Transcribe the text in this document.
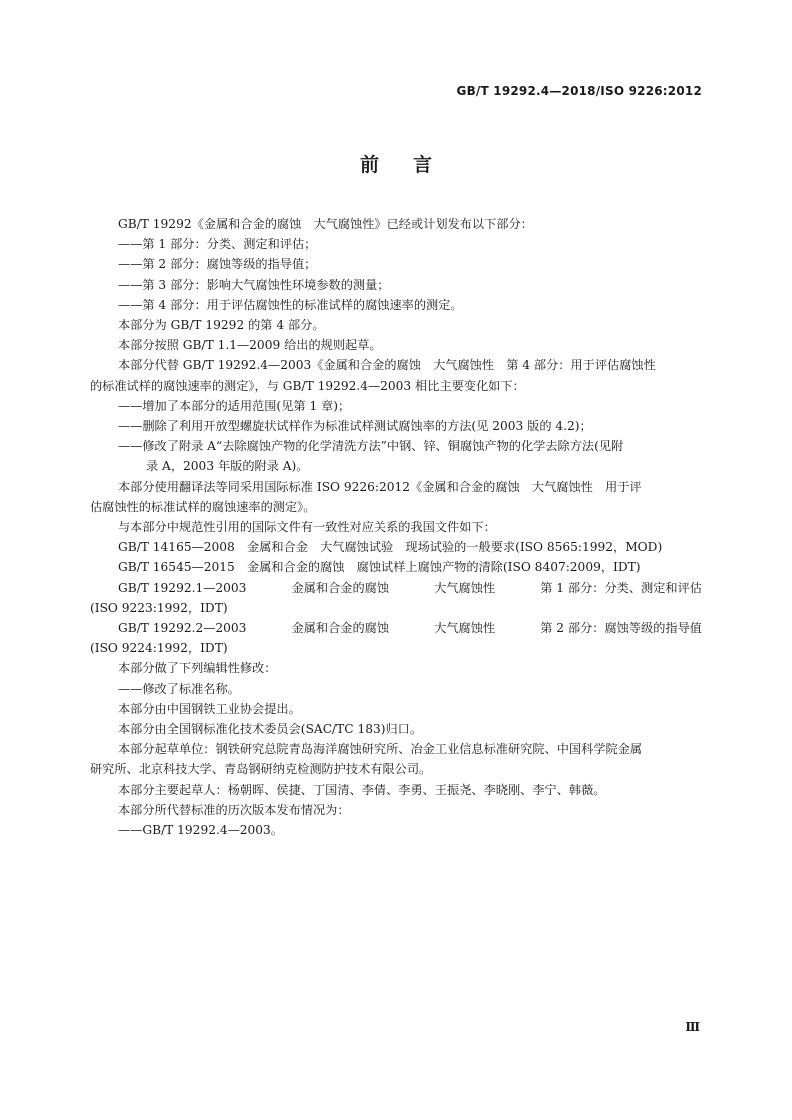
GB/T 19292.4—2018/ISO 9226:2012
前言

GB/T 19292《金属和合金的腐蚀　大气腐蚀性》已经或计划发布以下部分：

——第 1 部分：分类、测定和评估；

——第 2 部分：腐蚀等级的指导值；

——第 3 部分：影响大气腐蚀性环境参数的测量；

——第 4 部分：用于评估腐蚀性的标准试样的腐蚀速率的测定。

本部分为 GB/T 19292 的第 4 部分。

本部分按照 GB/T 1.1—2009 给出的规则起草。

本部分代替 GB/T 19292.4—2003《金属和合金的腐蚀　大气腐蚀性　第 4 部分：用于评估腐蚀性

的标准试样的腐蚀速率的测定》，与 GB/T 19292.4—2003 相比主要变化如下：

——增加了本部分的适用范围(见第 1 章)；

——删除了利用开放型螺旋状试样作为标准试样测试腐蚀率的方法(见 2003 版的 4.2)；

——修改了附录 A“去除腐蚀产物的化学清洗方法”中钢、锌、铜腐蚀产物的化学去除方法(见附

录 A，2003 年版的附录 A)。

本部分使用翻译法等同采用国际标准 ISO 9226:2012《金属和合金的腐蚀　大气腐蚀性　用于评

估腐蚀性的标准试样的腐蚀速率的测定》。

与本部分中规范性引用的国际文件有一致性对应关系的我国文件如下：

GB/T 14165—2008　金属和合金　大气腐蚀试验　现场试验的一般要求(ISO 8565:1992，MOD)

GB/T 16545—2015　金属和合金的腐蚀　腐蚀试样上腐蚀产物的清除(ISO 8407:2009，IDT)

GB/T 19292.1—2003	金属和合金的腐蚀	大气腐蚀性	第 1 部分：分类、测定和评估

(ISO 9223:1992，IDT)

GB/T 19292.2—2003	金属和合金的腐蚀	大气腐蚀性	第 2 部分：腐蚀等级的指导值

(ISO 9224:1992，IDT)

本部分做了下列编辑性修改：

——修改了标准名称。

本部分由中国钢铁工业协会提出。

本部分由全国钢标准化技术委员会(SAC/TC 183)归口。

本部分起草单位：钢铁研究总院青岛海洋腐蚀研究所、冶金工业信息标准研究院、中国科学院金属

研究所、北京科技大学、青岛钢研纳克检测防护技术有限公司。

本部分主要起草人：杨朝晖、侯捷、丁国清、李倩、李勇、王振尧、李晓刚、李宁、韩薇。

本部分所代替标准的历次版本发布情况为：

——GB/T 19292.4—2003。

Ⅲ
